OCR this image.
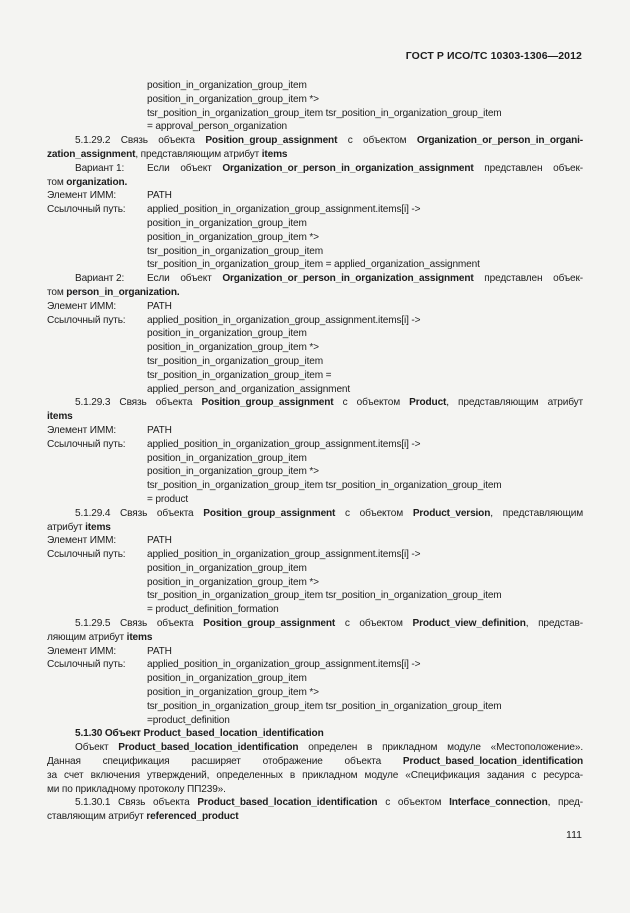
ГОСТ Р ИСО/ТС 10303-1306—2012
position_in_organization_group_item
position_in_organization_group_item *>
tsr_position_in_organization_group_item tsr_position_in_organization_group_item
= approval_person_organization
5.1.29.2 Связь объекта Position_group_assignment с объектом Organization_or_person_in_organi-
zation_assignment, представляющим атрибут items
Вариант 1:	Если объект Organization_or_person_in_organization_assignment представлен объек-
том organization.
Элемент ИММ:	PATH
Ссылочный путь:	applied_position_in_organization_group_assignment.items[i] ->
position_in_organization_group_item
position_in_organization_group_item *>
tsr_position_in_organization_group_item
tsr_position_in_organization_group_item = applied_organization_assignment
Вариант 2:	Если объект Organization_or_person_in_organization_assignment представлен объек-
том person_in_organization.
Элемент ИММ:	PATH
Ссылочный путь:	applied_position_in_organization_group_assignment.items[i] ->
position_in_organization_group_item
position_in_organization_group_item *>
tsr_position_in_organization_group_item
tsr_position_in_organization_group_item =
applied_person_and_organization_assignment
5.1.29.3 Связь объекта Position_group_assignment с объектом Product, представляющим атрибут
items
Элемент ИММ:	PATH
Ссылочный путь:	applied_position_in_organization_group_assignment.items[i] ->
position_in_organization_group_item
position_in_organization_group_item *>
tsr_position_in_organization_group_item tsr_position_in_organization_group_item
= product
5.1.29.4 Связь объекта Position_group_assignment с объектом Product_version, представляющим
атрибут items
Элемент ИММ:	PATH
Ссылочный путь:	applied_position_in_organization_group_assignment.items[i] ->
position_in_organization_group_item
position_in_organization_group_item *>
tsr_position_in_organization_group_item tsr_position_in_organization_group_item
= product_definition_formation
5.1.29.5 Связь объекта Position_group_assignment с объектом Product_view_definition, представ-
ляющим атрибут items
Элемент ИММ:	PATH
Ссылочный путь:	applied_position_in_organization_group_assignment.items[i] ->
position_in_organization_group_item
position_in_organization_group_item *>
tsr_position_in_organization_group_item tsr_position_in_organization_group_item
=product_definition
5.1.30 Объект Product_based_location_identification
Объект Product_based_location_identification определен в прикладном модуле «Местоположение».
Данная спецификация расширяет отображение объекта Product_based_location_identification
за счет включения утверждений, определенных в прикладном модуле «Спецификация задания с ресурса-
ми по прикладному протоколу ПП239».
5.1.30.1 Связь объекта Product_based_location_identification с объектом Interface_connection, пред-
ставляющим атрибут referenced_product
111
